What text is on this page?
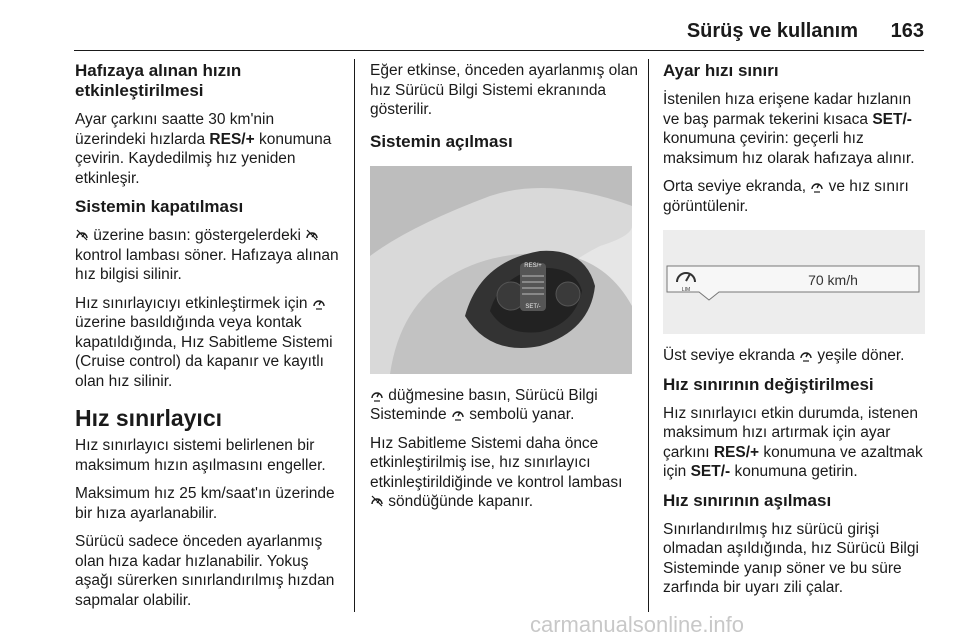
Sürüş ve kullanım 163
Hafızaya alınan hızın etkinleştirilmesi

Ayar çarkını saatte 30 km'nin üzerindeki hızlarda RES/+ konumuna çevirin. Kaydedilmiş hız yeniden etkinleşir.

Sistemin kapatılması

üzerine basın: göstergelerdeki  kontrol lambası söner. Hafızaya alınan hız bilgisi silinir.

Hız sınırlayıcıyı etkinleştirmek için  üzerine basıldığında veya kontak kapatıldığında, Hız Sabitleme Sistemi (Cruise control) da kapanır ve kayıtlı olan hız silinir.

Hız sınırlayıcı

Hız sınırlayıcı sistemi belirlenen bir maksimum hızın aşılmasını engeller.

Maksimum hız 25 km/saat'ın üzerinde bir hıza ayarlanabilir.

Sürücü sadece önceden ayarlanmış olan hıza kadar hızlanabilir. Yokuş aşağı sürerken sınırlandırılmış hızdan sapmalar olabilir.

Eğer etkinse, önceden ayarlanmış olan hız Sürücü Bilgi Sistemi ekranında gösterilir.

Sistemin açılması
RES/+
SET/-

düğmesine basın, Sürücü Bilgi Sisteminde  sembolü yanar.

Hız Sabitleme Sistemi daha önce etkinleştirilmiş ise, hız sınırlayıcı etkinleştirildiğinde ve kontrol lambası  söndüğünde kapanır.

Ayar hızı sınırı

İstenilen hıza erişene kadar hızlanın ve baş parmak tekerini kısaca SET/- konumuna çevirin: geçerli hız maksimum hız olarak hafızaya alınır.

Orta seviye ekranda,  ve hız sınırı görüntülenir.

LIM
70 km/h

Üst seviye ekranda  yeşile döner.

Hız sınırının değiştirilmesi

Hız sınırlayıcı etkin durumda, istenen maksimum hızı artırmak için ayar çarkını RES/+ konumuna ve azaltmak için SET/- konumuna getirin.

Hız sınırının aşılması

Sınırlandırılmış hız sürücü girişi olmadan aşıldığında, hız Sürücü Bilgi Sisteminde yanıp söner ve bu süre zarfında bir uyarı zili çalar.

carmanualsonline.info
